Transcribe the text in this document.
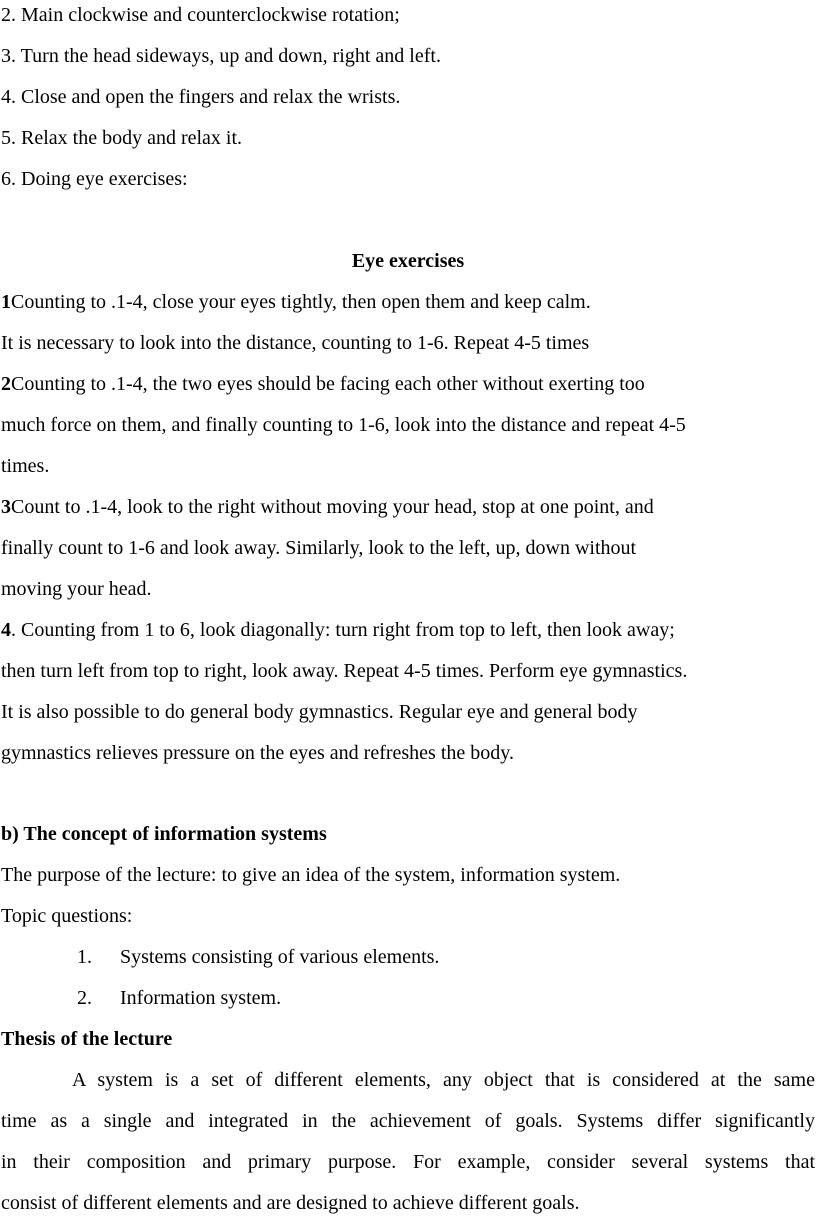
2. Main clockwise and counterclockwise rotation;
3. Turn the head sideways, up and down, right and left.
4. Close and open the fingers and relax the wrists.
5. Relax the body and relax it.
6. Doing eye exercises:
Eye exercises
1Counting to .1-4, close your eyes tightly, then open them and keep calm.
It is necessary to look into the distance, counting to 1-6. Repeat 4-5 times
2Counting to .1-4, the two eyes should be facing each other without exerting too
much force on them, and finally counting to 1-6, look into the distance and repeat 4-5
times.
3Count to .1-4, look to the right without moving your head, stop at one point, and
finally count to 1-6 and look away. Similarly, look to the left, up, down without
moving your head.
4. Counting from 1 to 6, look diagonally: turn right from top to left, then look away;
then turn left from top to right, look away. Repeat 4-5 times. Perform eye gymnastics.
It is also possible to do general body gymnastics. Regular eye and general body
gymnastics relieves pressure on the eyes and refreshes the body.
b) The concept of information systems
The purpose of the lecture: to give an idea of the system, information system.
Topic questions:
1. Systems consisting of various elements.
2. Information system.
Thesis of the lecture
A system is a set of different elements, any object that is considered at the same
time as a single and integrated in the achievement of goals. Systems differ significantly
in their composition and primary purpose. For example, consider several systems that
consist of different elements and are designed to achieve different goals.
